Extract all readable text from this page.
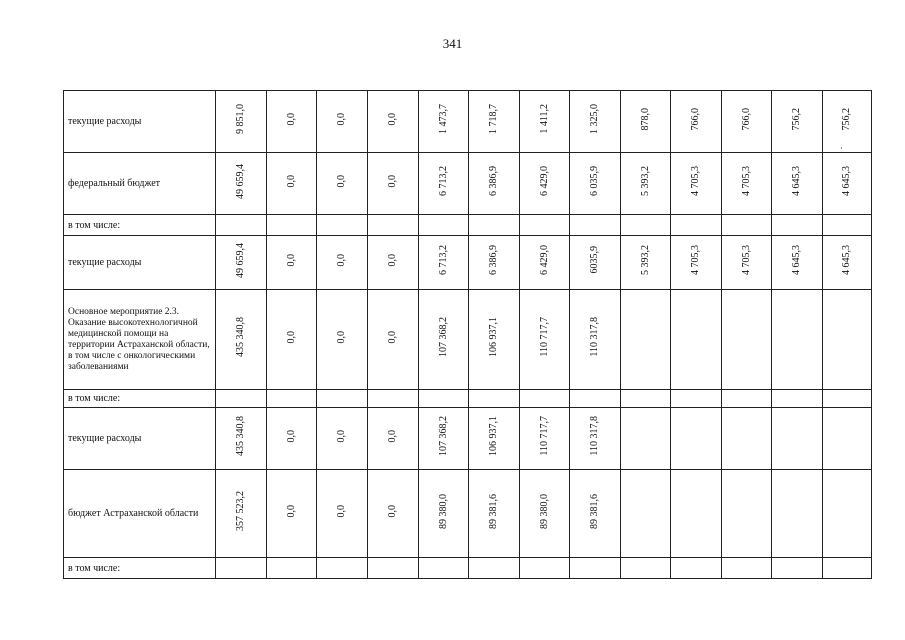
341
текущие расходы	9 851,0	0,0	0,0	0,0	1 473,7	1 718,7	1 411,2	1 325,0	878,0	766,0	766,0	756,2	756,2
·

федеральный бюджет	49 659,4	0,0	0,0	0,0	6 713,2	6 386,9	6 429,0	6 035,9	5 393,2	4 705,3	4 705,3	4 645,3	4 645,3
в том числе:													
текущие расходы	49 659,4	0,0	0,0	0,0	6 713,2	6 386,9	6 429,0	6035,9	5 393,2	4 705,3	4 705,3	4 645,3	4 645,3
Основное мероприятие 2.3. Оказание высокотехнологичной медицинской помощи на территории Астраханской области, в том числе с онкологическими заболеваниями	435 340,8	0,0	0,0	0,0	107 368,2	106 937,1	110 717,7	110 317,8					
в том числе:													
текущие расходы	435 340,8	0,0	0,0	0,0	107 368,2	106 937,1	110 717,7	110 317,8					
бюджет Астраханской области	357 523,2	0,0	0,0	0,0	89 380,0	89 381,6	89 380,0	89 381,6					
в том числе:													
